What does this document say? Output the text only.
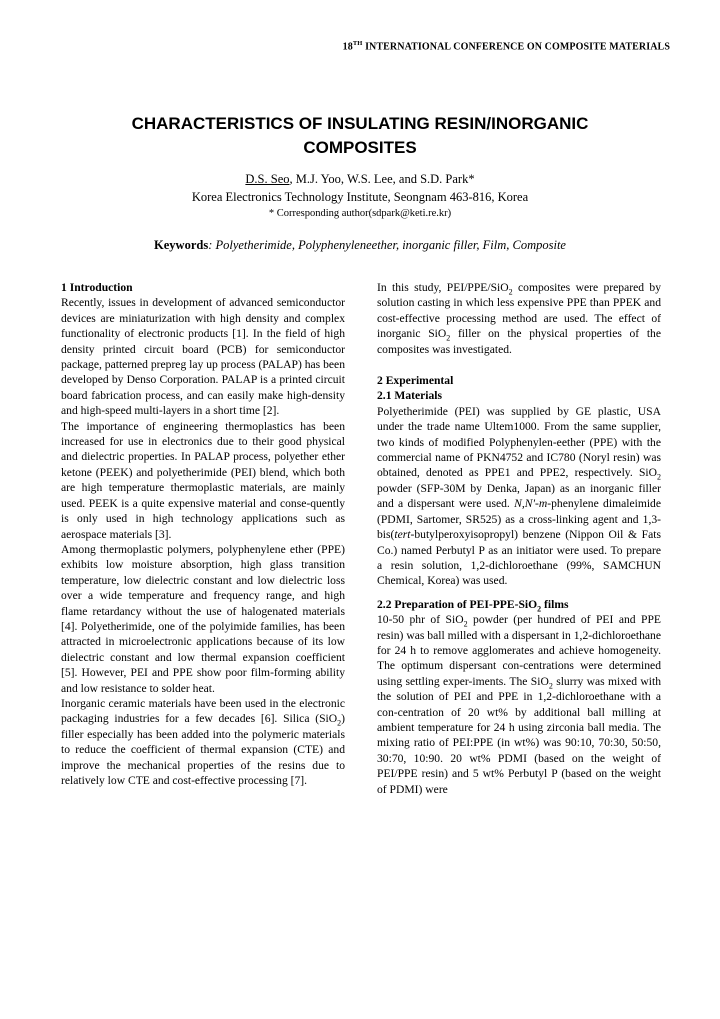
18TH INTERNATIONAL CONFERENCE ON COMPOSITE MATERIALS
CHARACTERISTICS OF INSULATING RESIN/INORGANIC
COMPOSITES
D.S. Seo, M.J. Yoo, W.S. Lee, and S.D. Park*
Korea Electronics Technology Institute, Seongnam 463-816, Korea
* Corresponding author(sdpark@keti.re.kr)
Keywords: Polyetherimide, Polyphenyleneether, inorganic filler, Film, Composite

1 Introduction

Recently, issues in development of advanced semiconductor devices are miniaturization with high density and complex functionality of electronic products [1]. In the field of high density printed circuit board (PCB) for semiconductor package, patterned prepreg lay up process (PALAP) has been developed by Denso Corporation. PALAP is a printed circuit board fabrication process, and can easily make high-density and high-speed multi-layers in a short time [2].

The importance of engineering thermoplastics has been increased for use in electronics due to their good physical and dielectric properties. In PALAP process, polyether ether ketone (PEEK) and polyetherimide (PEI) blend, which both are high temperature thermoplastic materials, are mainly used. PEEK is a quite expensive material and conse-quently is only used in high technology applications such as aerospace materials [3].

Among thermoplastic polymers, polyphenylene ether (PPE) exhibits low moisture absorption, high glass transition temperature, low dielectric constant and low dielectric loss over a wide temperature and frequency range, and high flame retardancy without the use of halogenated materials [4]. Polyetherimide, one of the polyimide families, has been attracted in microelectronic applications because of its low dielectric constant and low thermal expansion coefficient [5]. However, PEI and PPE show poor film-forming ability and low resistance to solder heat.

Inorganic ceramic materials have been used in the electronic packaging industries for a few decades [6]. Silica (SiO$_2$) filler especially has been added into the polymeric materials to reduce the coefficient of thermal expansion (CTE) and improve the mechanical properties of the resins due to relatively low CTE and cost-effective processing [7].

In this study, PEI/PPE/SiO$_2$ composites were prepared by solution casting in which less expensive PPE than PPEK and cost-effective processing method are used. The effect of inorganic SiO$_2$ filler on the physical properties of the composites was investigated.

2 Experimental

2.1 Materials

Polyetherimide (PEI) was supplied by GE plastic, USA under the trade name Ultem1000. From the same supplier, two kinds of modified Polyphenylen-eether (PPE) with the commercial name of PKN4752 and IC780 (Noryl resin) was obtained, denoted as PPE1 and PPE2, respectively. SiO$_2$ powder (SFP-30M by Denka, Japan) as an inorganic filler and a dispersant were used. N,N'-m-phenylene dimaleimide (PDMI, Sartomer, SR525) as a cross-linking agent and 1,3-bis(tert-butylperoxyisopropyl) benzene (Nippon Oil & Fats Co.) named Perbutyl P as an initiator were used. To prepare a resin solution, 1,2-dichloroethane (99%, SAMCHUN Chemical, Korea) was used.

2.2 Preparation of PEI-PPE-SiO$_2$ films

10-50 phr of SiO$_2$ powder (per hundred of PEI and PPE resin) was ball milled with a dispersant in 1,2-dichloroethane for 24 h to remove agglomerates and achieve homogeneity. The optimum dispersant con-centrations were determined using settling exper-iments. The SiO$_2$ slurry was mixed with the solution of PEI and PPE in 1,2-dichloroethane with a con-centration of 20 wt% by additional ball milling at ambient temperature for 24 h using zirconia ball media. The mixing ratio of PEI:PPE (in wt%) was 90:10, 70:30, 50:50, 30:70, 10:90. 20 wt% PDMI (based on the weight of PEI/PPE resin) and 5 wt% Perbutyl P (based on the weight of PDMI) were
